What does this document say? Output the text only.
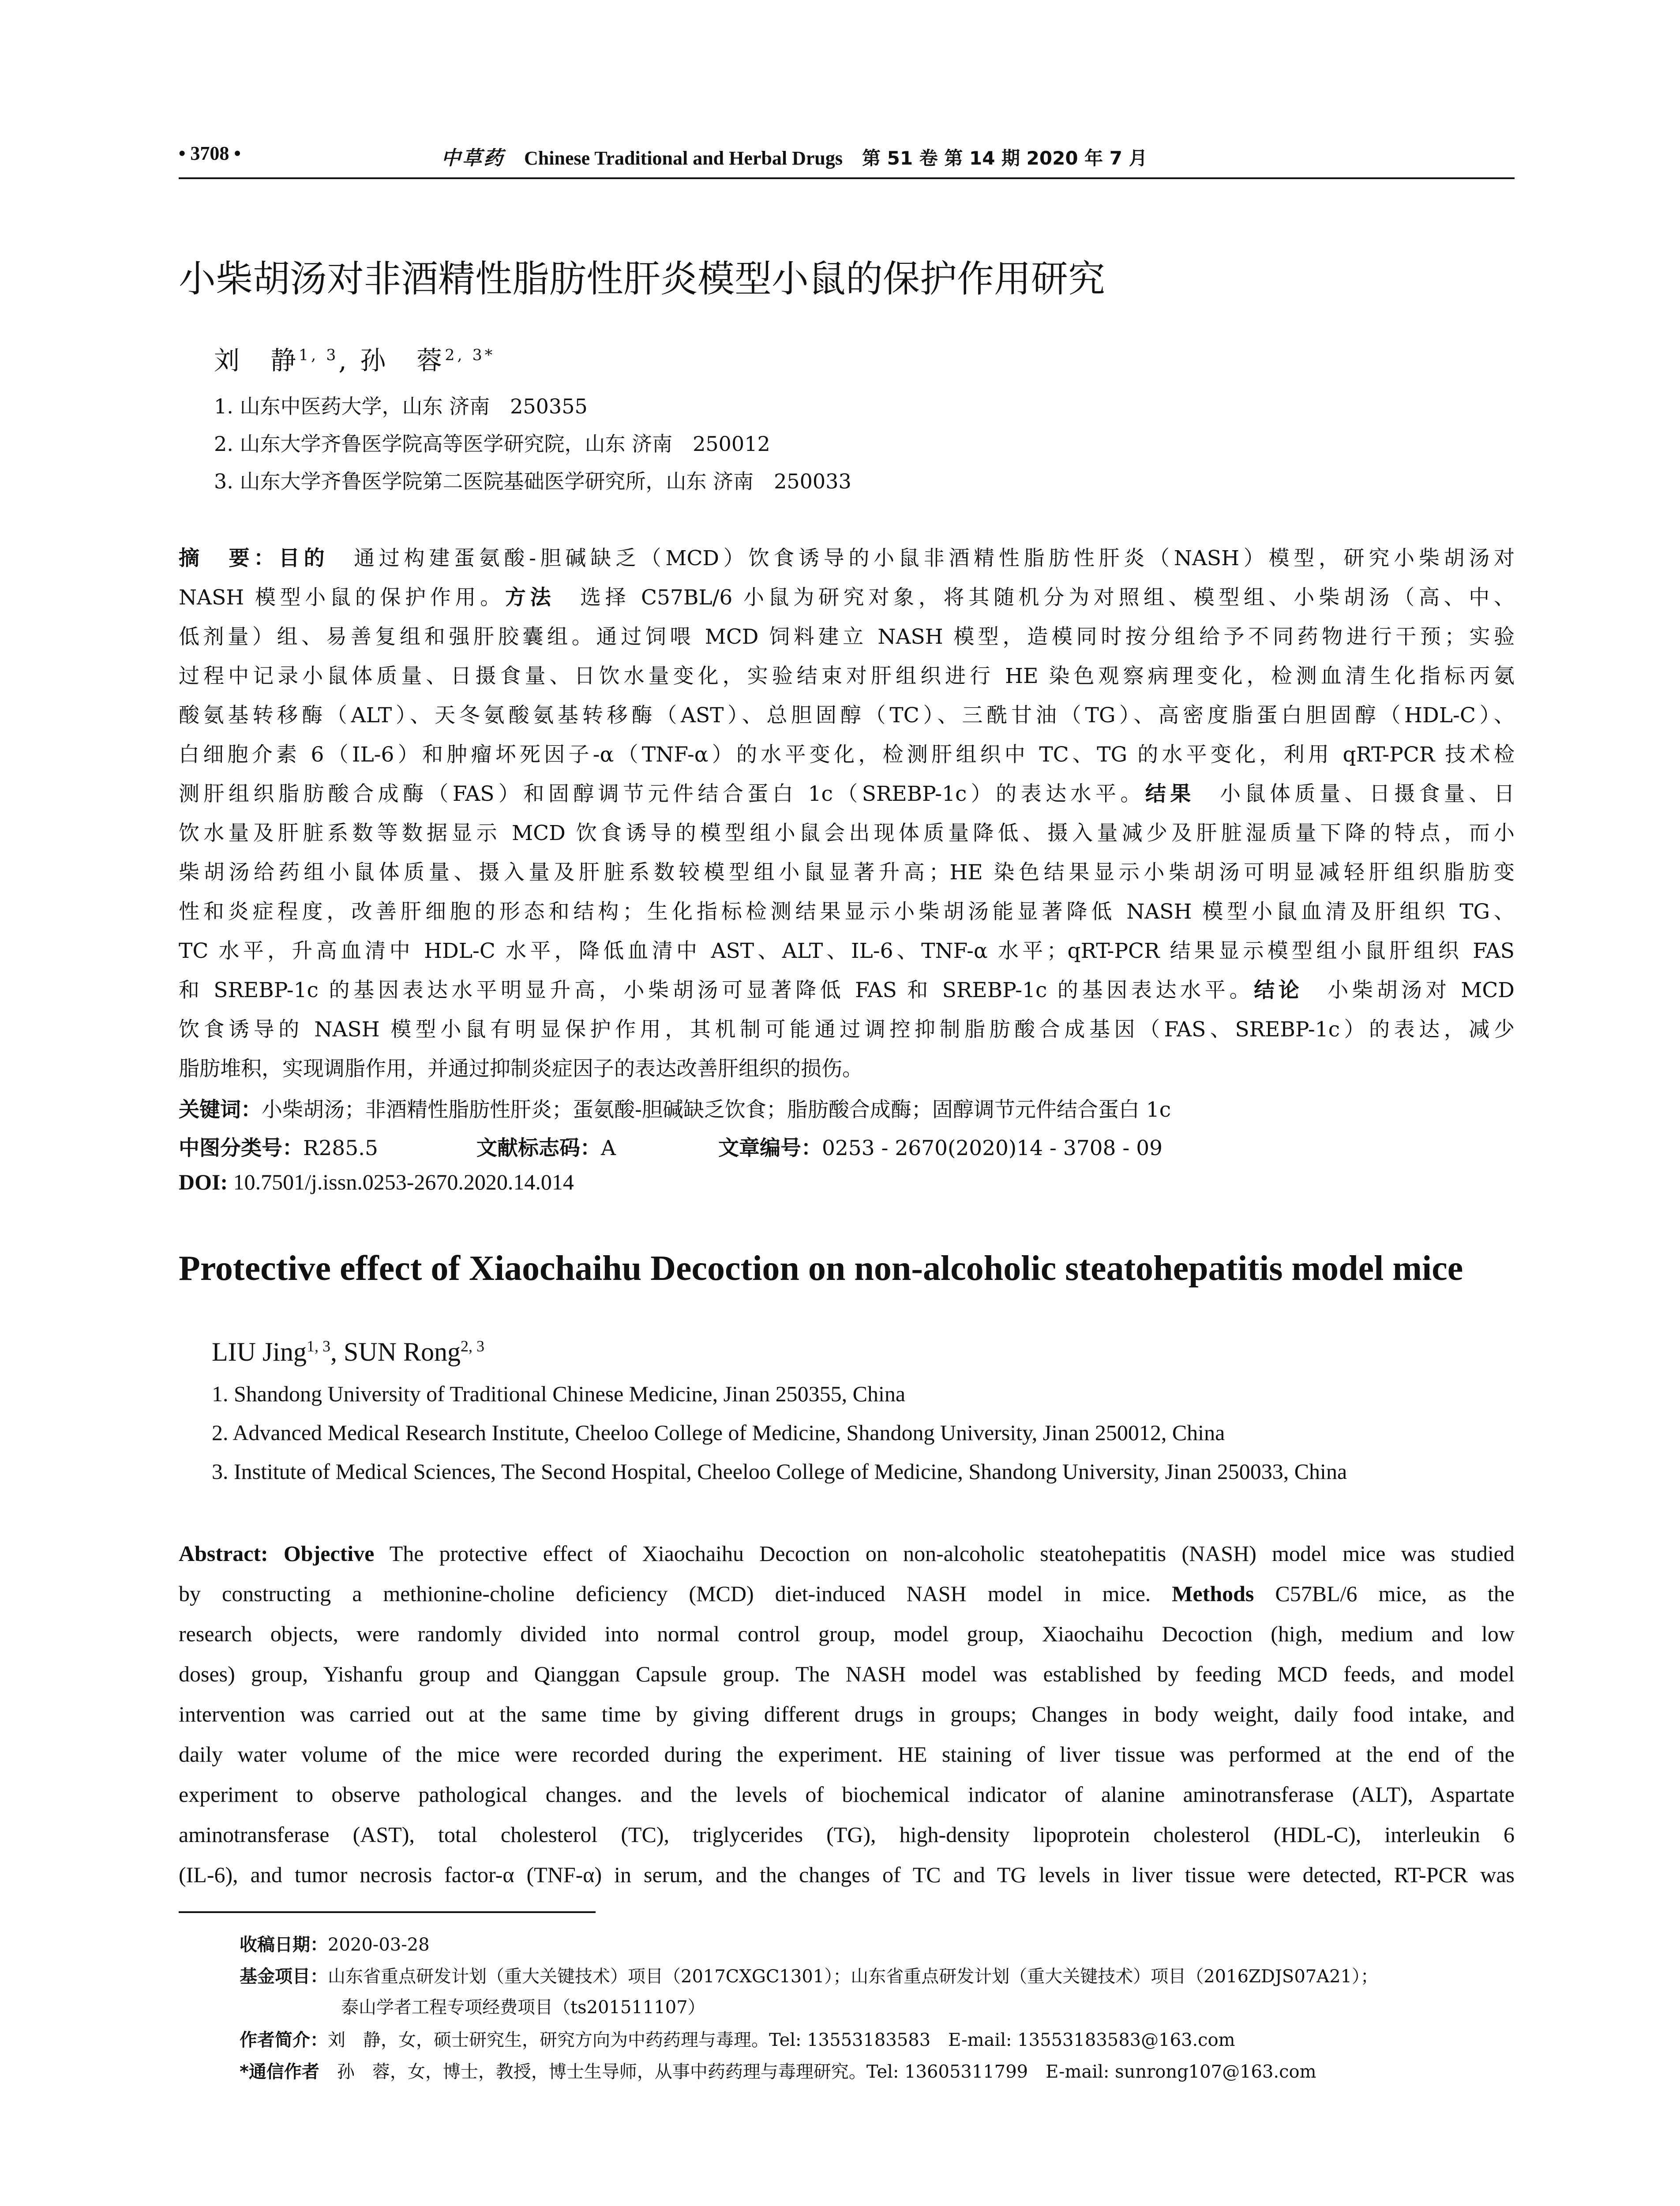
• 3708 •	中草药 Chinese Traditional and Herbal Drugs 第 51 卷 第 14 期 2020 年 7 月
小柴胡汤对非酒精性脂肪性肝炎模型小鼠的保护作用研究
刘　静$^{1, 3}$, 孙　蓉$^{2, 3*}$
1. 山东中医药大学，山东 济南　250355
2. 山东大学齐鲁医学院高等医学研究院，山东 济南　250012
3. 山东大学齐鲁医学院第二医院基础医学研究所，山东 济南　250033
摘　要：目的　通过构建蛋氨酸-胆碱缺乏（MCD）饮食诱导的小鼠非酒精性脂肪性肝炎（NASH）模型，研究小柴胡汤对
NASH 模型小鼠的保护作用。方法　选择 C57BL/6 小鼠为研究对象，将其随机分为对照组、模型组、小柴胡汤（高、中、
低剂量）组、易善复组和强肝胶囊组。通过饲喂 MCD 饲料建立 NASH 模型，造模同时按分组给予不同药物进行干预；实验
过程中记录小鼠体质量、日摄食量、日饮水量变化，实验结束对肝组织进行 HE 染色观察病理变化，检测血清生化指标丙氨
酸氨基转移酶（ALT）、天冬氨酸氨基转移酶（AST）、总胆固醇（TC）、三酰甘油（TG）、高密度脂蛋白胆固醇（HDL-C）、
白细胞介素 6（IL-6）和肿瘤坏死因子-α（TNF-α）的水平变化，检测肝组织中 TC、TG 的水平变化，利用 qRT-PCR 技术检
测肝组织脂肪酸合成酶（FAS）和固醇调节元件结合蛋白 1c（SREBP-1c）的表达水平。结果　小鼠体质量、日摄食量、日
饮水量及肝脏系数等数据显示 MCD 饮食诱导的模型组小鼠会出现体质量降低、摄入量减少及肝脏湿质量下降的特点，而小
柴胡汤给药组小鼠体质量、摄入量及肝脏系数较模型组小鼠显著升高；HE 染色结果显示小柴胡汤可明显减轻肝组织脂肪变
性和炎症程度，改善肝细胞的形态和结构；生化指标检测结果显示小柴胡汤能显著降低 NASH 模型小鼠血清及肝组织 TG、
TC 水平，升高血清中 HDL-C 水平，降低血清中 AST、ALT、IL-6、TNF-α 水平；qRT-PCR 结果显示模型组小鼠肝组织 FAS
和 SREBP-1c 的基因表达水平明显升高，小柴胡汤可显著降低 FAS 和 SREBP-1c 的基因表达水平。结论　小柴胡汤对 MCD
饮食诱导的 NASH 模型小鼠有明显保护作用，其机制可能通过调控抑制脂肪酸合成基因（FAS、SREBP-1c）的表达，减少
脂肪堆积，实现调脂作用，并通过抑制炎症因子的表达改善肝组织的损伤。
关键词：小柴胡汤；非酒精性脂肪性肝炎；蛋氨酸-胆碱缺乏饮食；脂肪酸合成酶；固醇调节元件结合蛋白 1c
中图分类号：R285.5	文献标志码：A	文章编号：0253 - 2670(2020)14 - 3708 - 09
DOI: 10.7501/j.issn.0253-2670.2020.14.014
Protective effect of Xiaochaihu Decoction on non-alcoholic steatohepatitis model mice
LIU Jing$^{1, 3}$, SUN Rong$^{2, 3}$
1. Shandong University of Traditional Chinese Medicine, Jinan 250355, China
2. Advanced Medical Research Institute, Cheeloo College of Medicine, Shandong University, Jinan 250012, China
3. Institute of Medical Sciences, The Second Hospital, Cheeloo College of Medicine, Shandong University, Jinan 250033, China
Abstract: Objective The protective effect of Xiaochaihu Decoction on non-alcoholic steatohepatitis (NASH) model mice was studied
by constructing a methionine-choline deficiency (MCD) diet-induced NASH model in mice. Methods C57BL/6 mice, as the
research objects, were randomly divided into normal control group, model group, Xiaochaihu Decoction (high, medium and low
doses) group, Yishanfu group and Qianggan Capsule group. The NASH model was established by feeding MCD feeds, and model
intervention was carried out at the same time by giving different drugs in groups; Changes in body weight, daily food intake, and
daily water volume of the mice were recorded during the experiment. HE staining of liver tissue was performed at the end of the
experiment to observe pathological changes. and the levels of biochemical indicator of alanine aminotransferase (ALT), Aspartate
aminotransferase (AST), total cholesterol (TC), triglycerides (TG), high-density lipoprotein cholesterol (HDL-C), interleukin 6
(IL-6), and tumor necrosis factor-α (TNF-α) in serum, and the changes of TC and TG levels in liver tissue were detected, RT-PCR was
收稿日期：2020-03-28
基金项目：山东省重点研发计划（重大关键技术）项目（2017CXGC1301）；山东省重点研发计划（重大关键技术）项目（2016ZDJS07A21）；
泰山学者工程专项经费项目（ts201511107）
作者简介：刘　静，女，硕士研究生，研究方向为中药药理与毒理。Tel: 13553183583　E-mail: 13553183583@163.com
*通信作者　孙　蓉，女，博士，教授，博士生导师，从事中药药理与毒理研究。Tel: 13605311799　E-mail: sunrong107@163.com
